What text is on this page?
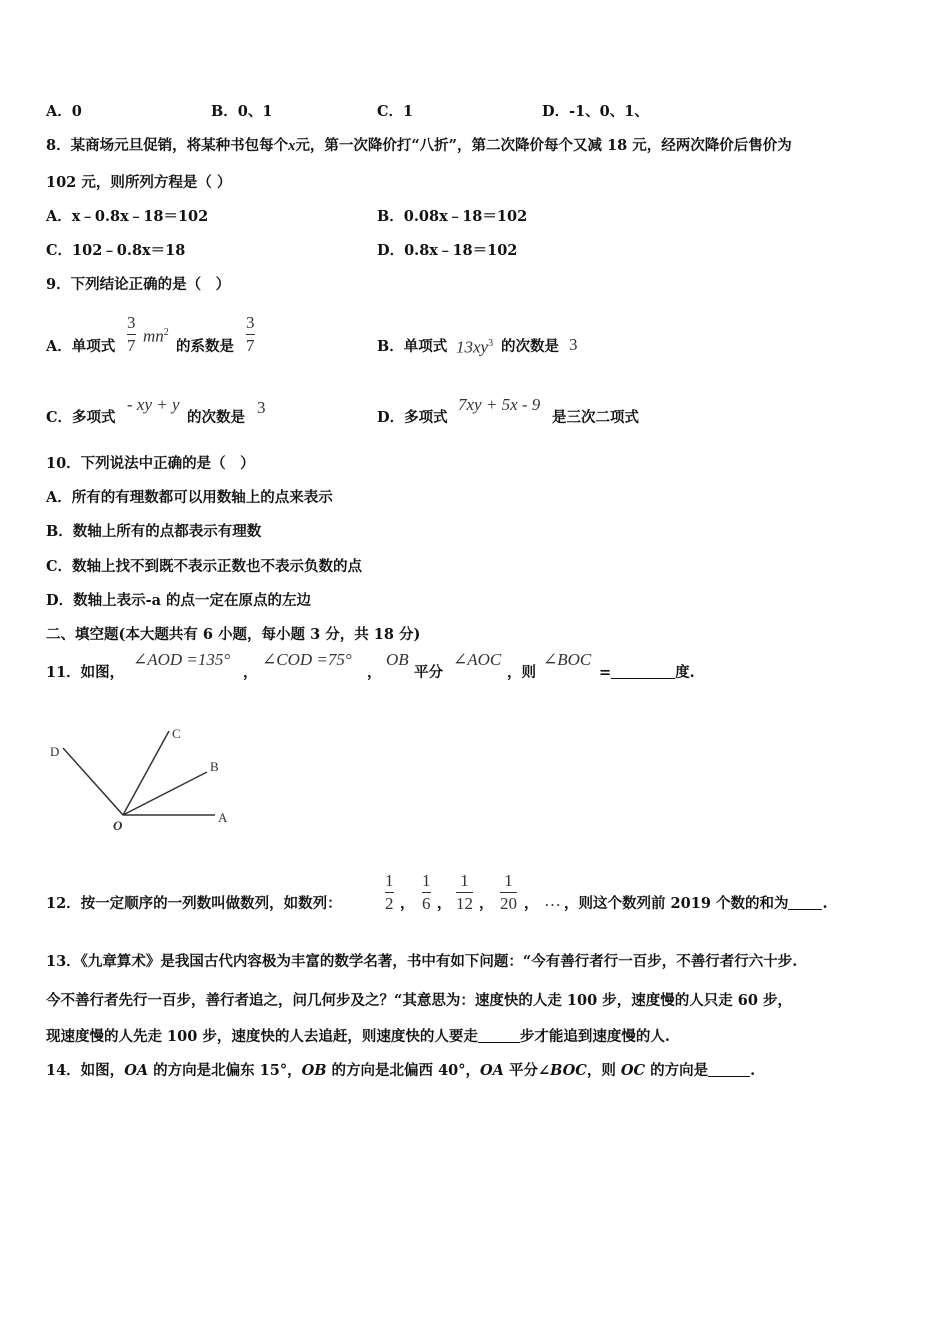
A．0	B．0、1	C．1	D．-1、0、1、
8．某商场元旦促销，将某种书包每个x元，第一次降价打“八折”，第二次降价每个又减 18 元，经两次降价后售价为
102 元，则所列方程是（ ）
A．x﹣0.8x﹣18＝102	B．0.08x﹣18＝102
C．102﹣0.8x＝18	D．0.8x﹣18＝102
9．下列结论正确的是（　）
A．单项式
3
7 $mn^2$
的系数是
3
7	B．单项式 $13xy^3$ 的次数是 3
C．多项式
- xy + y
的次数是
3
D．多项式
7xy + 5x - 9
是三次二项式
10．下列说法中正确的是（　）
A．所有的有理数都可以用数轴上的点来表示
B．数轴上所有的点都表示有理数
C．数轴上找不到既不表示正数也不表示负数的点
D．数轴上表示-a 的点一定在原点的左边
二、填空题(本大题共有 6 小题，每小题 3 分，共 18 分)
11．如图，
∠AOD =135°
，
∠COD =75°
，
OB
平分
∠AOC
，则
∠BOC
=	度.
D
C
B
A
O
12．按一定顺序的一列数叫做数列，如数列：
1
2 ，
1
6 ，
1
12 ，
1
20 ， … ，则这个数列前 2019 个数的和为 .
13．《九章算术》是我国古代内容极为丰富的数学名著，书中有如下问题：“今有善行者行一百步，不善行者行六十步.
今不善行者先行一百步，善行者追之，问几何步及之？“其意思为：速度快的人走 100 步，速度慢的人只走 60 步，
现速度慢的人先走 100 步，速度快的人去追赶，则速度快的人要走	步才能追到速度慢的人.
14．如图，OA 的方向是北偏东 15°，OB 的方向是北偏西 40°，OA 平分∠BOC，则 OC 的方向是	.
